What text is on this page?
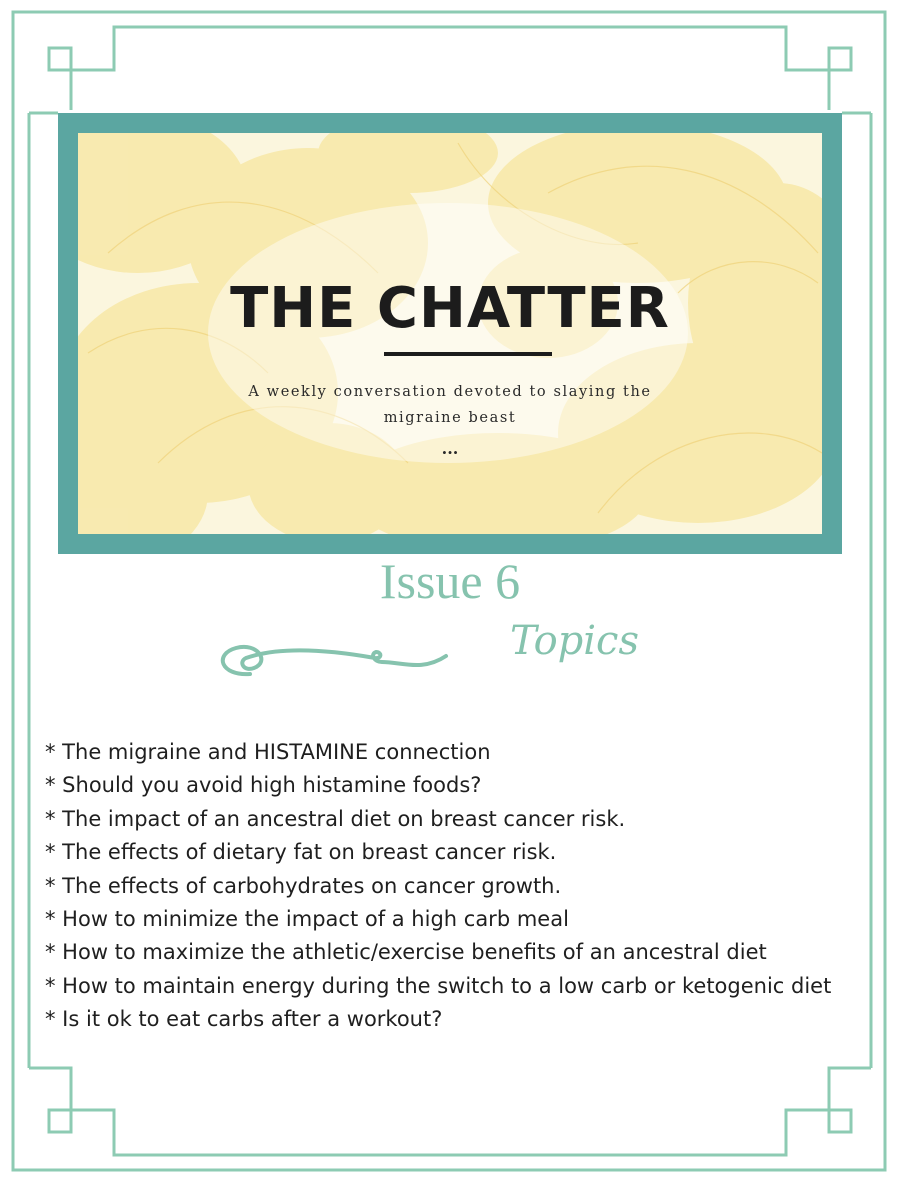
THE CHATTER
A weekly conversation devoted to slaying the migraine beast
...
Issue 6
Topics
* The migraine and HISTAMINE connection
* Should you avoid high histamine foods?
* The impact of an ancestral diet on breast cancer risk.
* The effects of dietary fat on breast cancer risk.
* The effects of carbohydrates on cancer growth.
* How to minimize the impact of a high carb meal
* How to maximize the athletic/exercise benefits of an ancestral diet
* How to maintain energy during the switch to a low carb or ketogenic diet
* Is it ok to eat carbs after a workout?
